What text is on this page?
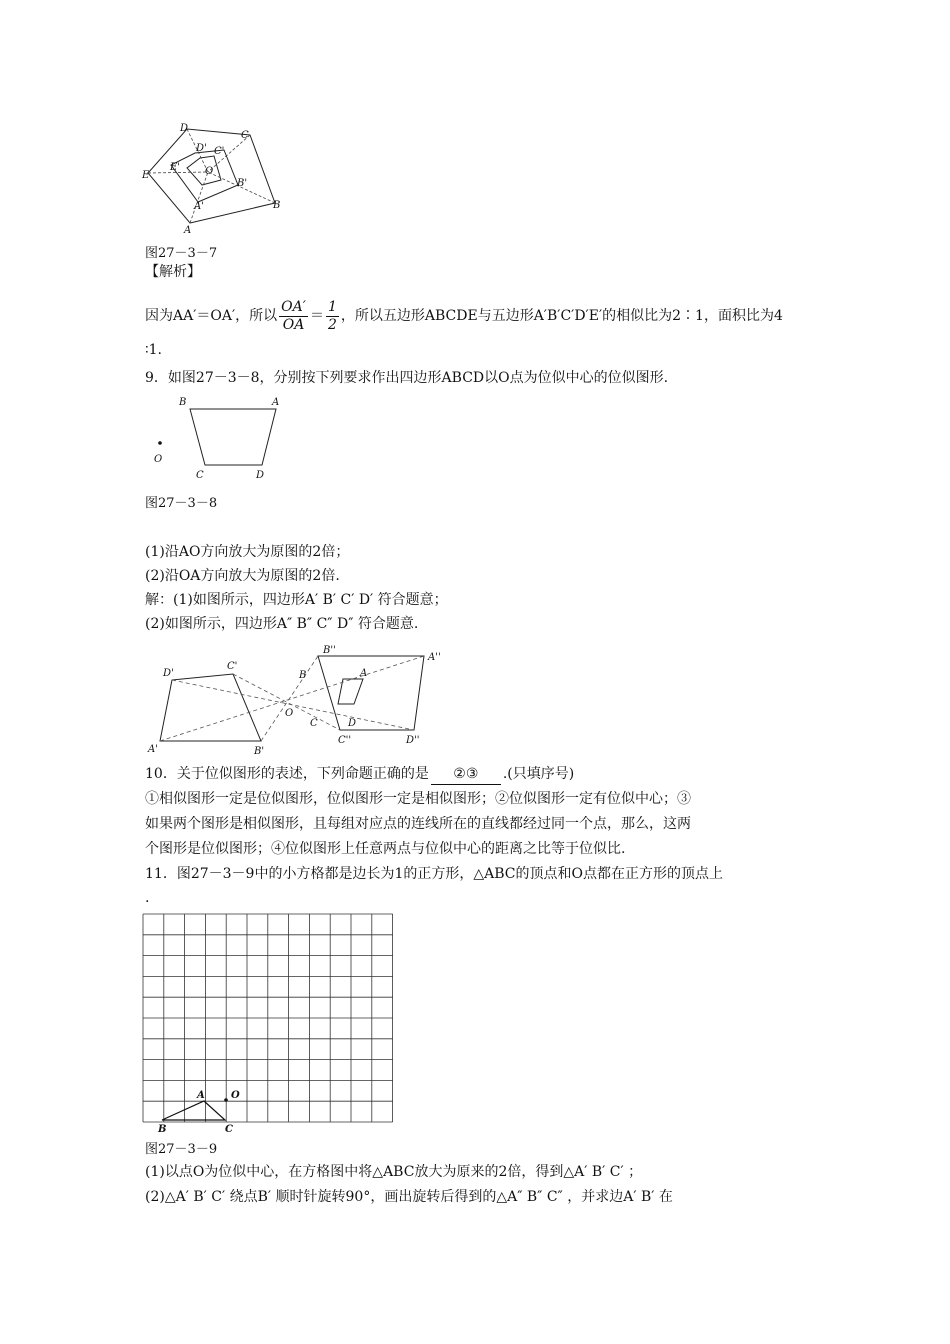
D
C
E
B
A
D' C'
E' O
B'
A'
图27－3－7
【解析】
因为AA′＝OA′，所以 $\frac{OA'}{OA} = \frac{1}{2}$ ，所以五边形ABCDE与五边形A′B′C′D′E′的相似比为2∶1，面积比为4
∶1.
9．如图27－3－8，分别按下列要求作出四边形ABCD以O点为位似中心的位似图形.
B	A
O
C	D
图27－3－8
(1)沿AO方向放大为原图的2倍；
(2)沿OA方向放大为原图的2倍.
解：(1)如图所示，四边形A′ B′ C′ D′ 符合题意；
(2)如图所示，四边形A″ B″ C″ D″ 符合题意.
D'
C'
A'	B'
B''
A''
B	A
O
C	D
C''	D''
10．关于位似图形的表述，下列命题正确的是 ②③ .(只填序号)
①相似图形一定是位似图形，位似图形一定是相似图形；②位似图形一定有位似中心；③
如果两个图形是相似图形，且每组对应点的连线所在的直线都经过同一个点，那么，这两
个图形是位似图形；④位似图形上任意两点与位似中心的距离之比等于位似比.
11．图27－3－9中的小方格都是边长为1的正方形，△ABC的顶点和O点都在正方形的顶点上
.
A	O
B	C
图27－3－9
(1)以点O为位似中心，在方格图中将△ABC放大为原来的2倍，得到△A′ B′ C′ ；
(2)△A′ B′ C′ 绕点B′ 顺时针旋转90°，画出旋转后得到的△A″ B″ C″ ，并求边A′ B′ 在
